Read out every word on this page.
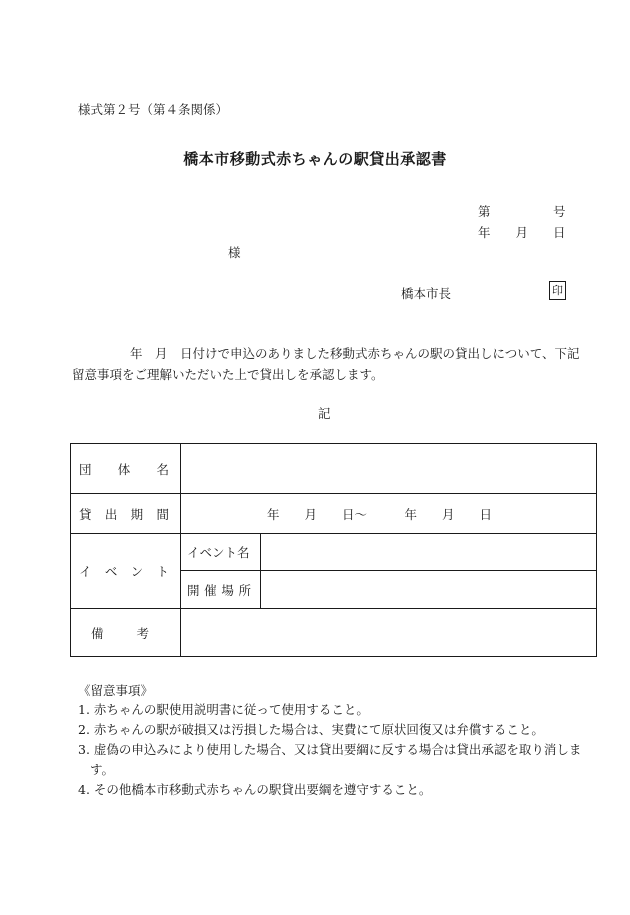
様式第２号（第４条関係）
橋本市移動式赤ちゃんの駅貸出承認書
第　　　　　号
年　　月　　日
様
橋本市長	印
年　月　日付けで申込のありました移動式赤ちゃんの駅の貸出しについて、下記留意事項をご理解いただいた上で貸出しを承認します。
記
団 体 名		

貸 出 期 間	年　　月　　日～　　　年　　月　　日	

イ ベ ン ト	イベント名	

	開 催 場 所	

備 考		

《留意事項》
1. 赤ちゃんの駅使用説明書に従って使用すること。
2. 赤ちゃんの駅が破損又は汚損した場合は、実費にて原状回復又は弁償すること。
3. 虚偽の申込みにより使用した場合、又は貸出要綱に反する場合は貸出承認を取り消します。
4. その他橋本市移動式赤ちゃんの駅貸出要綱を遵守すること。
